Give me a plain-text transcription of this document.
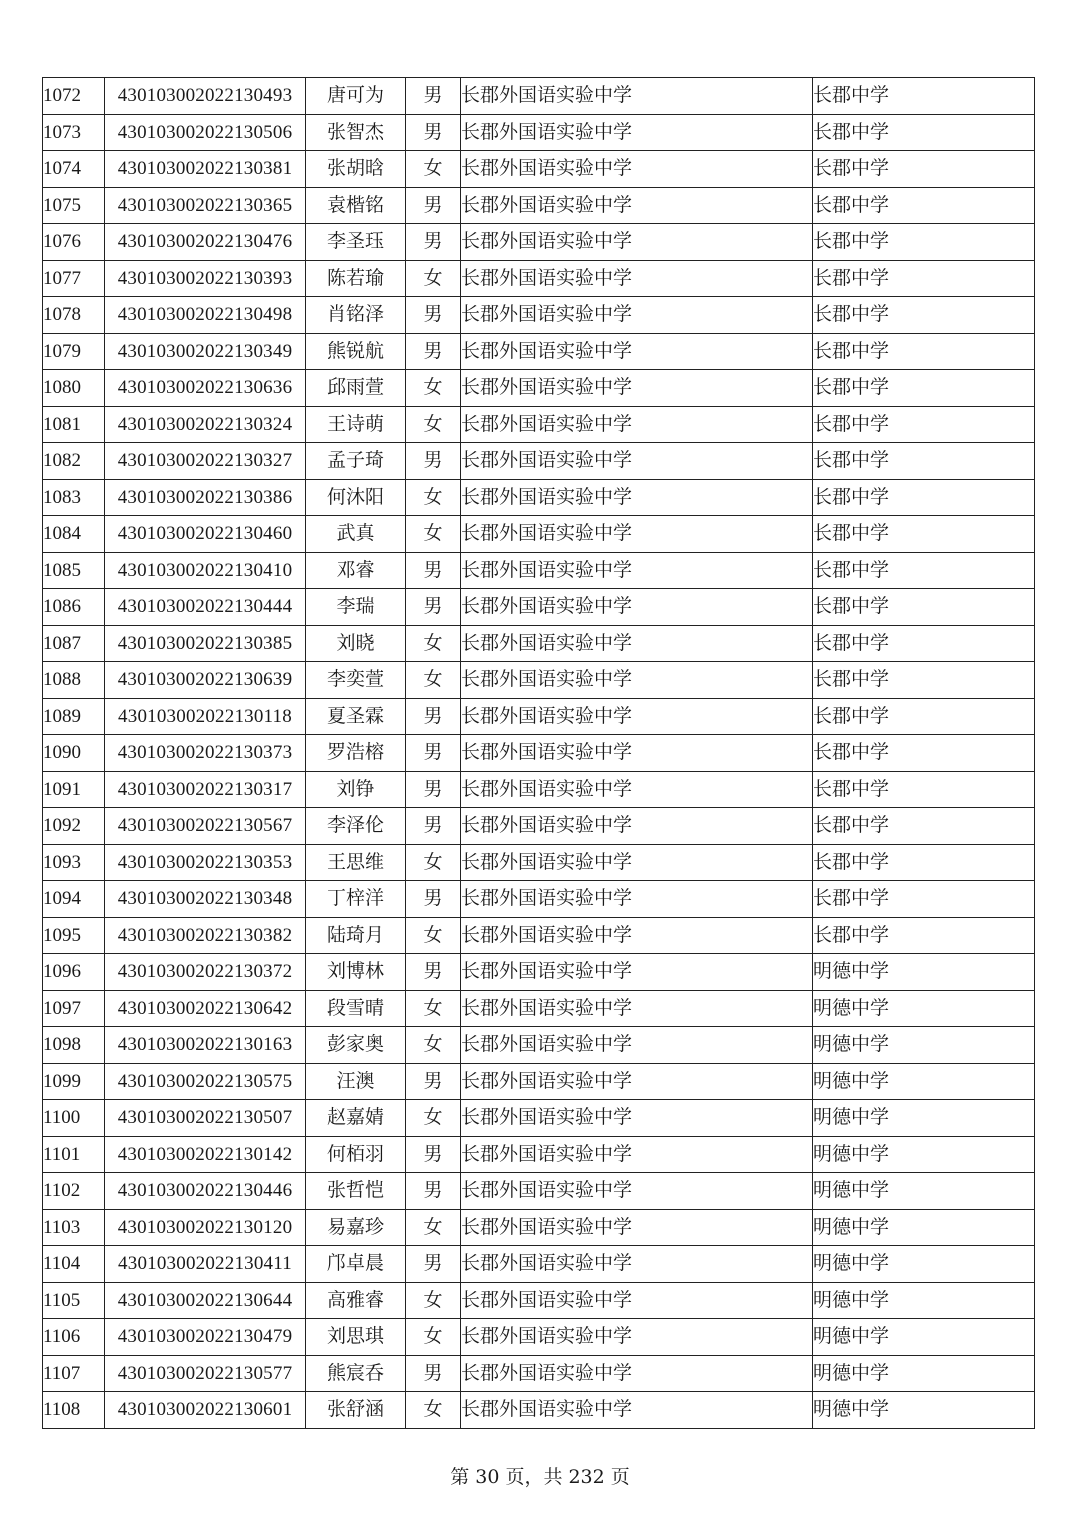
1072	430103002022130493	唐可为	男	长郡外国语实验中学	长郡中学
1073	430103002022130506	张智杰	男	长郡外国语实验中学	长郡中学
1074	430103002022130381	张胡晗	女	长郡外国语实验中学	长郡中学
1075	430103002022130365	袁楷铭	男	长郡外国语实验中学	长郡中学
1076	430103002022130476	李圣珏	男	长郡外国语实验中学	长郡中学
1077	430103002022130393	陈若瑜	女	长郡外国语实验中学	长郡中学
1078	430103002022130498	肖铭泽	男	长郡外国语实验中学	长郡中学
1079	430103002022130349	熊锐航	男	长郡外国语实验中学	长郡中学
1080	430103002022130636	邱雨萱	女	长郡外国语实验中学	长郡中学
1081	430103002022130324	王诗萌	女	长郡外国语实验中学	长郡中学
1082	430103002022130327	孟子琦	男	长郡外国语实验中学	长郡中学
1083	430103002022130386	何沐阳	女	长郡外国语实验中学	长郡中学
1084	430103002022130460	武真	女	长郡外国语实验中学	长郡中学
1085	430103002022130410	邓睿	男	长郡外国语实验中学	长郡中学
1086	430103002022130444	李瑞	男	长郡外国语实验中学	长郡中学
1087	430103002022130385	刘晓	女	长郡外国语实验中学	长郡中学
1088	430103002022130639	李奕萱	女	长郡外国语实验中学	长郡中学
1089	430103002022130118	夏圣霖	男	长郡外国语实验中学	长郡中学
1090	430103002022130373	罗浩榕	男	长郡外国语实验中学	长郡中学
1091	430103002022130317	刘铮	男	长郡外国语实验中学	长郡中学
1092	430103002022130567	李泽伦	男	长郡外国语实验中学	长郡中学
1093	430103002022130353	王思维	女	长郡外国语实验中学	长郡中学
1094	430103002022130348	丁梓洋	男	长郡外国语实验中学	长郡中学
1095	430103002022130382	陆琦月	女	长郡外国语实验中学	长郡中学
1096	430103002022130372	刘博林	男	长郡外国语实验中学	明德中学
1097	430103002022130642	段雪晴	女	长郡外国语实验中学	明德中学
1098	430103002022130163	彭家奥	女	长郡外国语实验中学	明德中学
1099	430103002022130575	汪澳	男	长郡外国语实验中学	明德中学
1100	430103002022130507	赵嘉婧	女	长郡外国语实验中学	明德中学
1101	430103002022130142	何栢羽	男	长郡外国语实验中学	明德中学
1102	430103002022130446	张哲恺	男	长郡外国语实验中学	明德中学
1103	430103002022130120	易嘉珍	女	长郡外国语实验中学	明德中学
1104	430103002022130411	邝卓晨	男	长郡外国语实验中学	明德中学
1105	430103002022130644	高雅睿	女	长郡外国语实验中学	明德中学
1106	430103002022130479	刘思琪	女	长郡外国语实验中学	明德中学
1107	430103002022130577	熊宸呑	男	长郡外国语实验中学	明德中学
1108	430103002022130601	张舒涵	女	长郡外国语实验中学	明德中学
第 30 页，共 232 页
